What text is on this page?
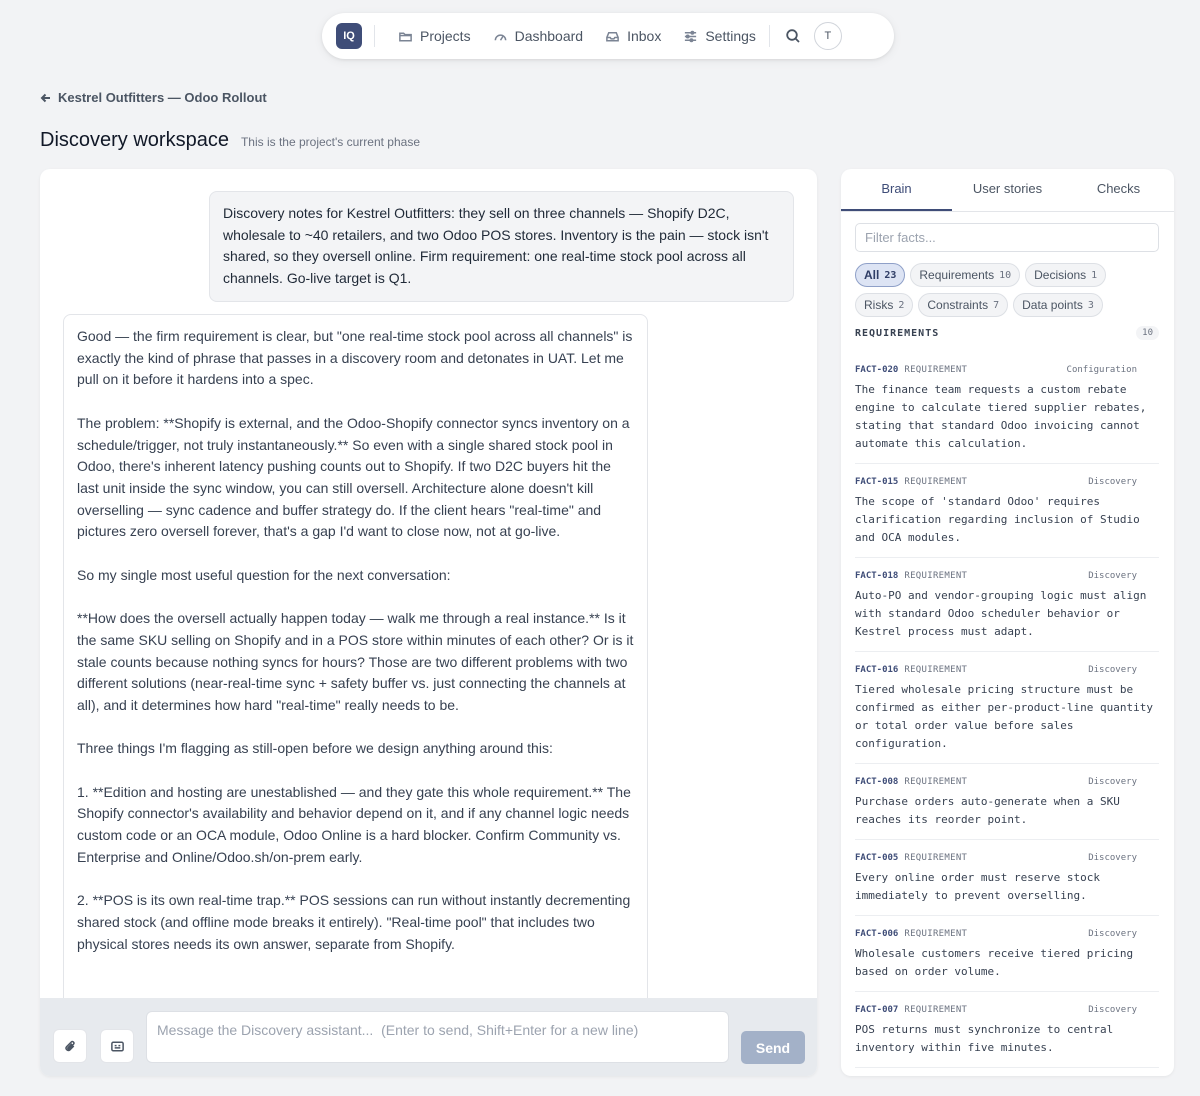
IQ	Projects	Dashboard	Inbox	Settings	T
Kestrel Outfitters — Odoo Rollout
Discovery workspace This is the project's current phase
Discovery notes for Kestrel Outfitters: they sell on three channels — Shopify D2C, wholesale to ~40 retailers, and two Odoo POS stores. Inventory is the pain — stock isn't shared, so they oversell online. Firm requirement: one real-time stock pool across all channels. Go-live target is Q1.

Good — the firm requirement is clear, but "one real-time stock pool across all channels" is exactly the kind of phrase that passes in a discovery room and detonates in UAT. Let me pull on it before it hardens into a spec.

The problem: **Shopify is external, and the Odoo-Shopify connector syncs inventory on a schedule/trigger, not truly instantaneously.** So even with a single shared stock pool in Odoo, there's inherent latency pushing counts out to Shopify. If two D2C buyers hit the last unit inside the sync window, you can still oversell. Architecture alone doesn't kill overselling — sync cadence and buffer strategy do. If the client hears "real-time" and pictures zero oversell forever, that's a gap I'd want to close now, not at go-live.

So my single most useful question for the next conversation:

**How does the oversell actually happen today — walk me through a real instance.** Is it the same SKU selling on Shopify and in a POS store within minutes of each other? Or is it stale counts because nothing syncs for hours? Those are two different problems with two different solutions (near-real-time sync + safety buffer vs. just connecting the channels at all), and it determines how hard "real-time" really needs to be.

Three things I'm flagging as still-open before we design anything around this:

1. **Edition and hosting are unestablished — and they gate this whole requirement.** The Shopify connector's availability and behavior depend on it, and if any channel logic needs custom code or an OCA module, Odoo Online is a hard blocker. Confirm Community vs. Enterprise and Online/Odoo.sh/on-prem early.

2. **POS is its own real-time trap.** POS sessions can run without instantly decrementing shared stock (and offline mode breaks it entirely). "Real-time pool" that includes two physical stores needs its own answer, separate from Shopify.

Message the Discovery assistant... (Enter to send, Shift+Enter for a new line)
Send
Brain	User stories	Checks
Filter facts...
All 23 Requirements 10 Decisions 1
Risks 2 Constraints 7 Data points 3
REQUIREMENTS	10
FACT-020 REQUIREMENT	Configuration
The finance team requests a custom rebate engine to calculate tiered supplier rebates, stating that standard Odoo invoicing cannot automate this calculation.
FACT-015 REQUIREMENT	Discovery
The scope of 'standard Odoo' requires clarification regarding inclusion of Studio and OCA modules.
FACT-018 REQUIREMENT	Discovery
Auto-PO and vendor-grouping logic must align with standard Odoo scheduler behavior or Kestrel process must adapt.
FACT-016 REQUIREMENT	Discovery
Tiered wholesale pricing structure must be confirmed as either per-product-line quantity or total order value before sales configuration.
FACT-008 REQUIREMENT	Discovery
Purchase orders auto-generate when a SKU reaches its reorder point.
FACT-005 REQUIREMENT	Discovery
Every online order must reserve stock immediately to prevent overselling.
FACT-006 REQUIREMENT	Discovery
Wholesale customers receive tiered pricing based on order volume.
FACT-007 REQUIREMENT	Discovery
POS returns must synchronize to central inventory within five minutes.
